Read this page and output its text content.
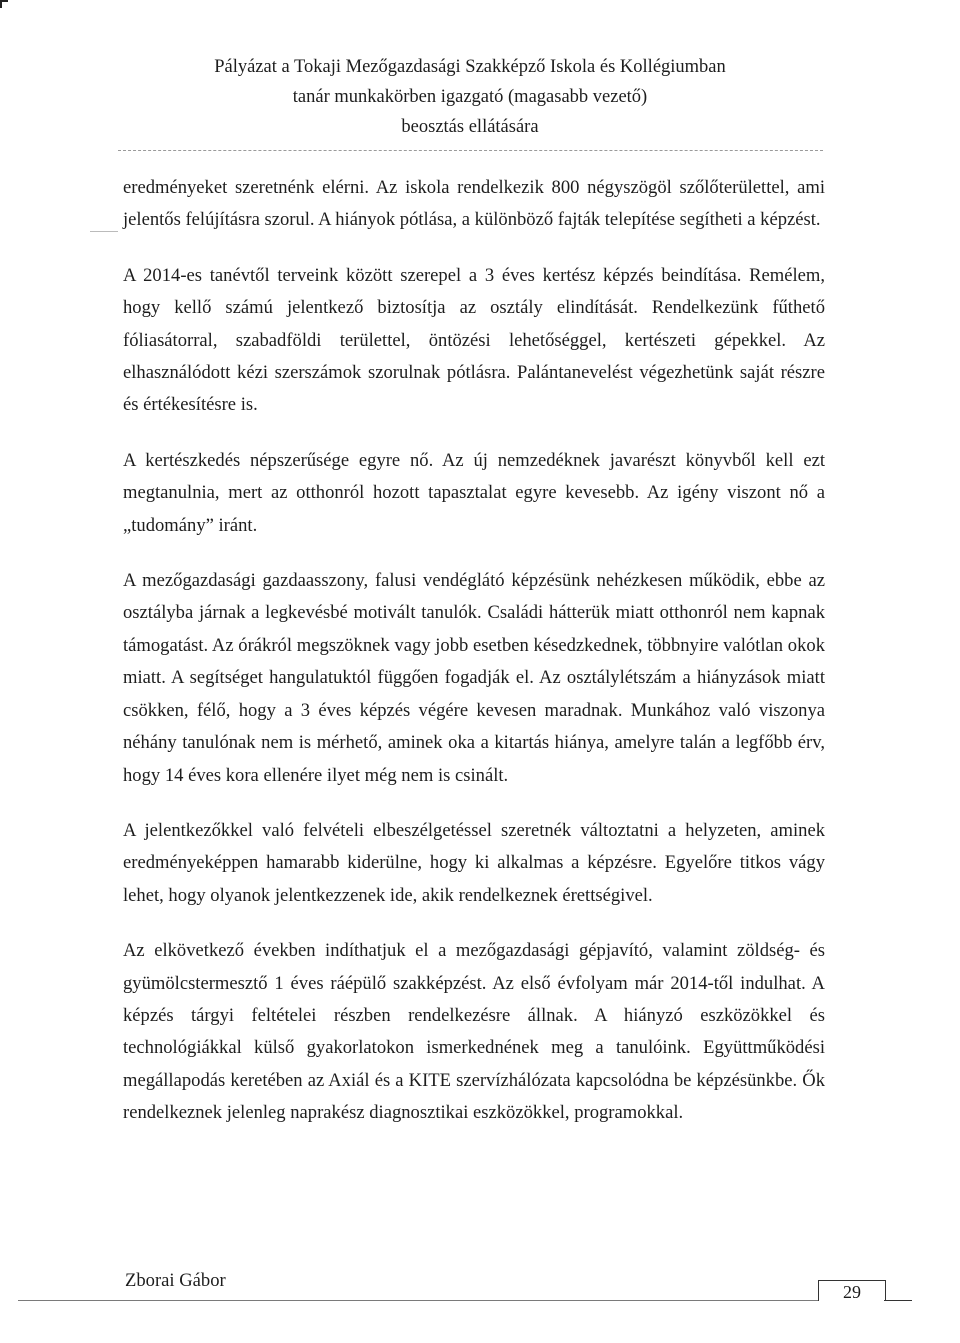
Pályázat a Tokaji Mezőgazdasági Szakképző Iskola és Kollégiumban
tanár munkakörben igazgató (magasabb vezető)
beosztás ellátására

eredményeket szeretnénk elérni. Az iskola rendelkezik 800 négyszögöl szőlőterülettel, ami jelentős felújításra szorul. A hiányok pótlása, a különböző fajták telepítése segítheti a képzést.

A 2014-es tanévtől terveink között szerepel a 3 éves kertész képzés beindítása. Remélem, hogy kellő számú jelentkező biztosítja az osztály elindítását. Rendelkezünk fűthető fóliasátorral, szabadföldi területtel, öntözési lehetőséggel, kertészeti gépekkel. Az elhasználódott kézi szerszámok szorulnak pótlásra. Palántanevelést végezhetünk saját részre és értékesítésre is.

A kertészkedés népszerűsége egyre nő. Az új nemzedéknek javarészt könyvből kell ezt megtanulnia, mert az otthonról hozott tapasztalat egyre kevesebb. Az igény viszont nő a „tudomány” iránt.

A mezőgazdasági gazdaasszony, falusi vendéglátó képzésünk nehézkesen működik, ebbe az osztályba járnak a legkevésbé motivált tanulók. Családi hátterük miatt otthonról nem kapnak támogatást. Az órákról megszöknek vagy jobb esetben késedzkednek, többnyire valótlan okok miatt. A segítséget hangulatuktól függően fogadják el. Az osztálylétszám a hiányzások miatt csökken, félő, hogy a 3 éves képzés végére kevesen maradnak. Munkához való viszonya néhány tanulónak nem is mérhető, aminek oka a kitartás hiánya, amelyre talán a legfőbb érv, hogy 14 éves kora ellenére ilyet még nem is csinált.

A jelentkezőkkel való felvételi elbeszélgetéssel szeretnék változtatni a helyzeten, aminek eredményeképpen hamarabb kiderülne, hogy ki alkalmas a képzésre. Egyelőre titkos vágy lehet, hogy olyanok jelentkezzenek ide, akik rendelkeznek érettségivel.

Az elkövetkező években indíthatjuk el a mezőgazdasági gépjavító, valamint zöldség- és gyümölcstermesztő 1 éves ráépülő szakképzést. Az első évfolyam már 2014-től indulhat. A képzés tárgyi feltételei részben rendelkezésre állnak. A hiányzó eszközökkel és technológiákkal külső gyakorlatokon ismerkednének meg a tanulóink. Együttműködési megállapodás keretében az Axiál és a KITE szervízhálózata kapcsolódna be képzésünkbe. Ők rendelkeznek jelenleg naprakész diagnosztikai eszközökkel, programokkal.

Zborai Gábor
29
